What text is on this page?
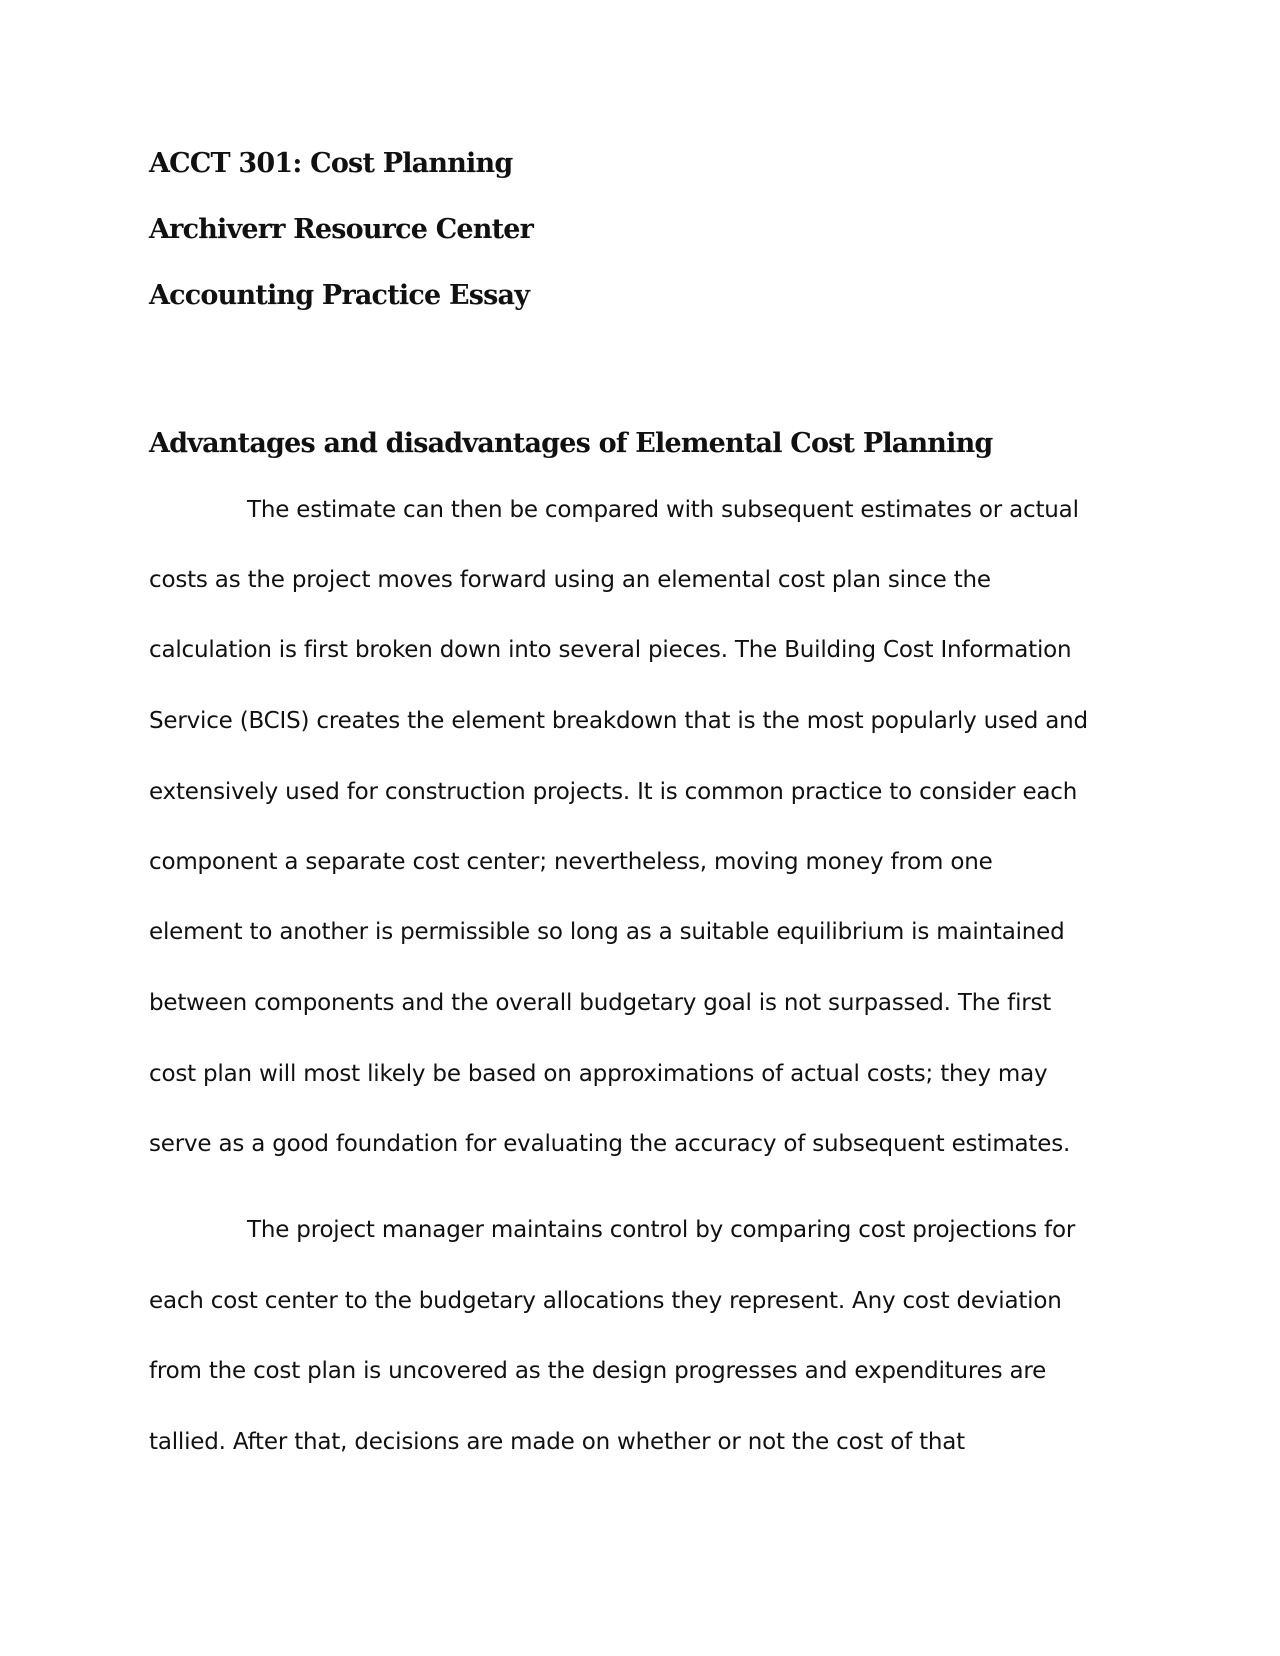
ACCT 301: Cost Planning

Archiverr Resource Center

Accounting Practice Essay

Advantages and disadvantages of Elemental Cost Planning

The estimate can then be compared with subsequent estimates or actual

costs as the project moves forward using an elemental cost plan since the

calculation is first broken down into several pieces. The Building Cost Information

Service (BCIS) creates the element breakdown that is the most popularly used and

extensively used for construction projects. It is common practice to consider each

component a separate cost center; nevertheless, moving money from one

element to another is permissible so long as a suitable equilibrium is maintained

between components and the overall budgetary goal is not surpassed. The first

cost plan will most likely be based on approximations of actual costs; they may

serve as a good foundation for evaluating the accuracy of subsequent estimates.

The project manager maintains control by comparing cost projections for

each cost center to the budgetary allocations they represent. Any cost deviation

from the cost plan is uncovered as the design progresses and expenditures are

tallied. After that, decisions are made on whether or not the cost of that
